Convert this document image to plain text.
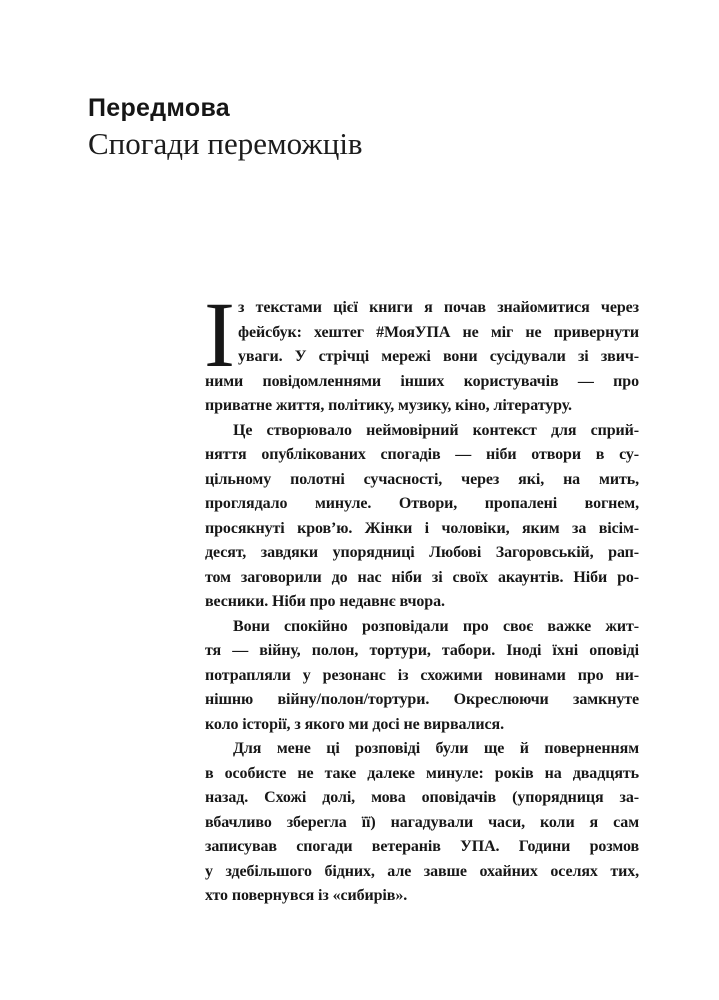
Передмова
Спогади переможців
І з текстами цієї книги я почав знайомитися через
фейсбук: хештег #МояУПА не міг не привернути
уваги. У стрічці мережі вони сусідували зі звич-
ними повідомленнями інших користувачів — про
приватне життя, політику, музику, кіно, літературу.

Це створювало неймовірний контекст для сприй-
няття опублікованих спогадів — ніби отвори в су-
цільному полотні сучасності, через які, на мить,
проглядало минуле. Отвори, пропалені вогнем,
просякнуті кров’ю. Жінки і чоловіки, яким за вісім-
десят, завдяки упорядниці Любові Загоровській, рап-
том заговорили до нас ніби зі своїх акаунтів. Ніби ро-
весники. Ніби про недавнє вчора.

Вони спокійно розповідали про своє важке жит-
тя — війну, полон, тортури, табори. Іноді їхні оповіді
потрапляли у резонанс із схожими новинами про ни-
нішню війну/полон/тортури. Окреслюючи замкнуте
коло історії, з якого ми досі не вирвалися.

Для мене ці розповіді були ще й поверненням
в особисте не таке далеке минуле: років на двадцять
назад. Схожі долі, мова оповідачів (упорядниця за-
вбачливо зберегла її) нагадували часи, коли я сам
записував спогади ветеранів УПА. Години розмов
у здебільшого бідних, але завше охайних оселях тих,
хто повернувся із «сибирів».
